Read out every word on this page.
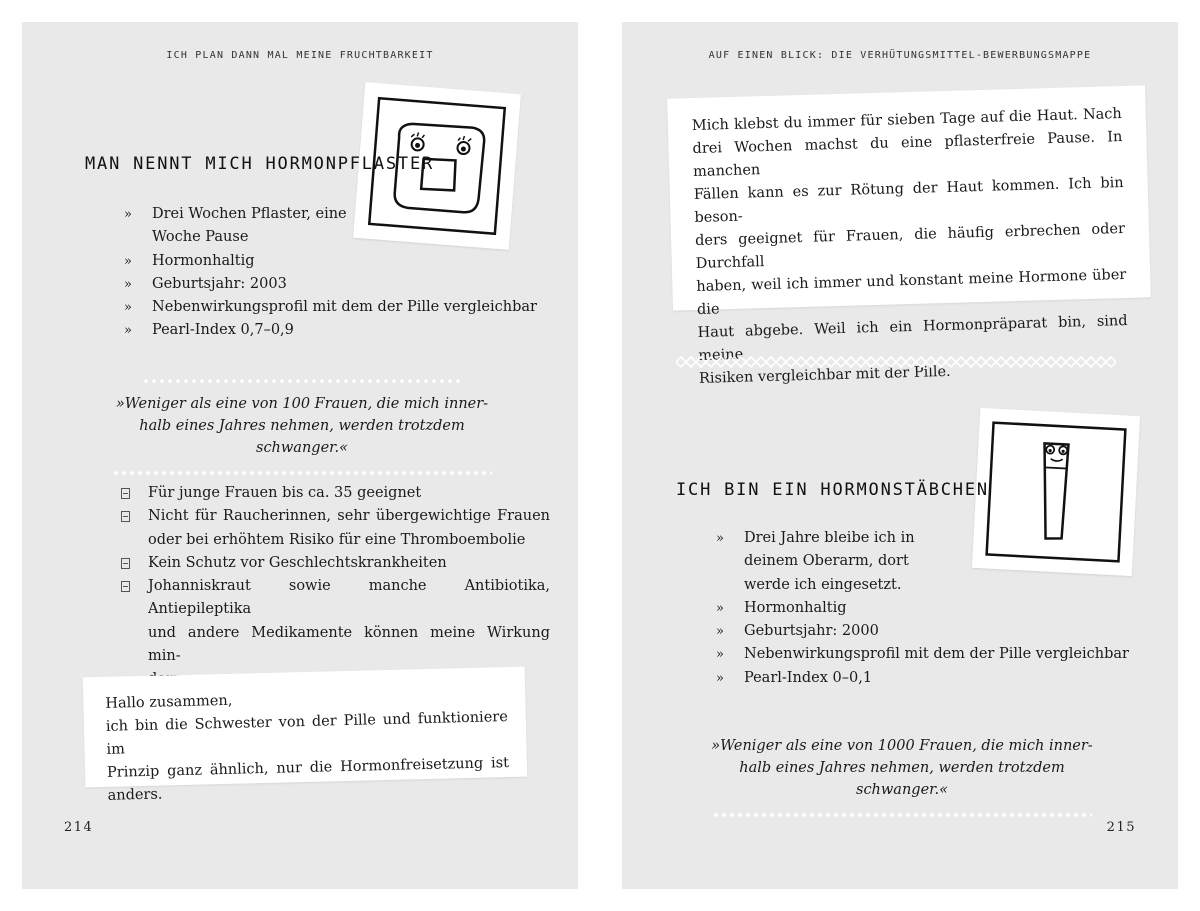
ICH PLAN DANN MAL MEINE FRUCHTBARKEIT
MAN NENNT MICH HORMONPFLASTER
»	Drei Wochen Pflaster, eine
Woche Pause
»	Hormonhaltig
»	Geburtsjahr: 2003
»	Nebenwirkungsprofil mit dem der Pille vergleichbar
»	Pearl-Index 0,7–0,9
»Weniger als eine von 100 Frauen, die mich inner-
halb eines Jahres nehmen, werden trotzdem schwanger.«
Für junge Frauen bis ca. 35 geeignet
Nicht für Raucherinnen, sehr übergewichtige Frauen
oder bei erhöhtem Risiko für eine Thromboembolie
Kein Schutz vor Geschlechtskrankheiten
Johanniskraut sowie manche Antibiotika, Antiepileptika
und andere Medikamente können meine Wirkung min-
Hallo zusammen,
ich bin die Schwester von der Pille und funktioniere im
Prinzip ganz ähnlich, nur die Hormonfreisetzung ist anders.
214
AUF EINEN BLICK: DIE VERHÜTUNGSMITTEL-BEWERBUNGSMAPPE
Mich klebst du immer für sieben Tage auf die Haut. Nach
drei Wochen machst du eine pflasterfreie Pause. In manchen
Fällen kann es zur Rötung der Haut kommen. Ich bin beson-
ders geeignet für Frauen, die häufig erbrechen oder Durchfall
haben, weil ich immer und konstant meine Hormone über die
Haut abgebe. Weil ich ein Hormonpräparat bin, sind meine
Risiken vergleichbar mit der Pille.
ICH BIN EIN HORMONSTÄBCHEN
»	Drei Jahre bleibe ich in
deinem Oberarm, dort
werde ich eingesetzt.
»	Hormonhaltig
»	Geburtsjahr: 2000
»	Nebenwirkungsprofil mit dem der Pille vergleichbar
»	Pearl-Index 0–0,1
»Weniger als eine von 1000 Frauen, die mich inner-
halb eines Jahres nehmen, werden trotzdem schwanger.«
215
